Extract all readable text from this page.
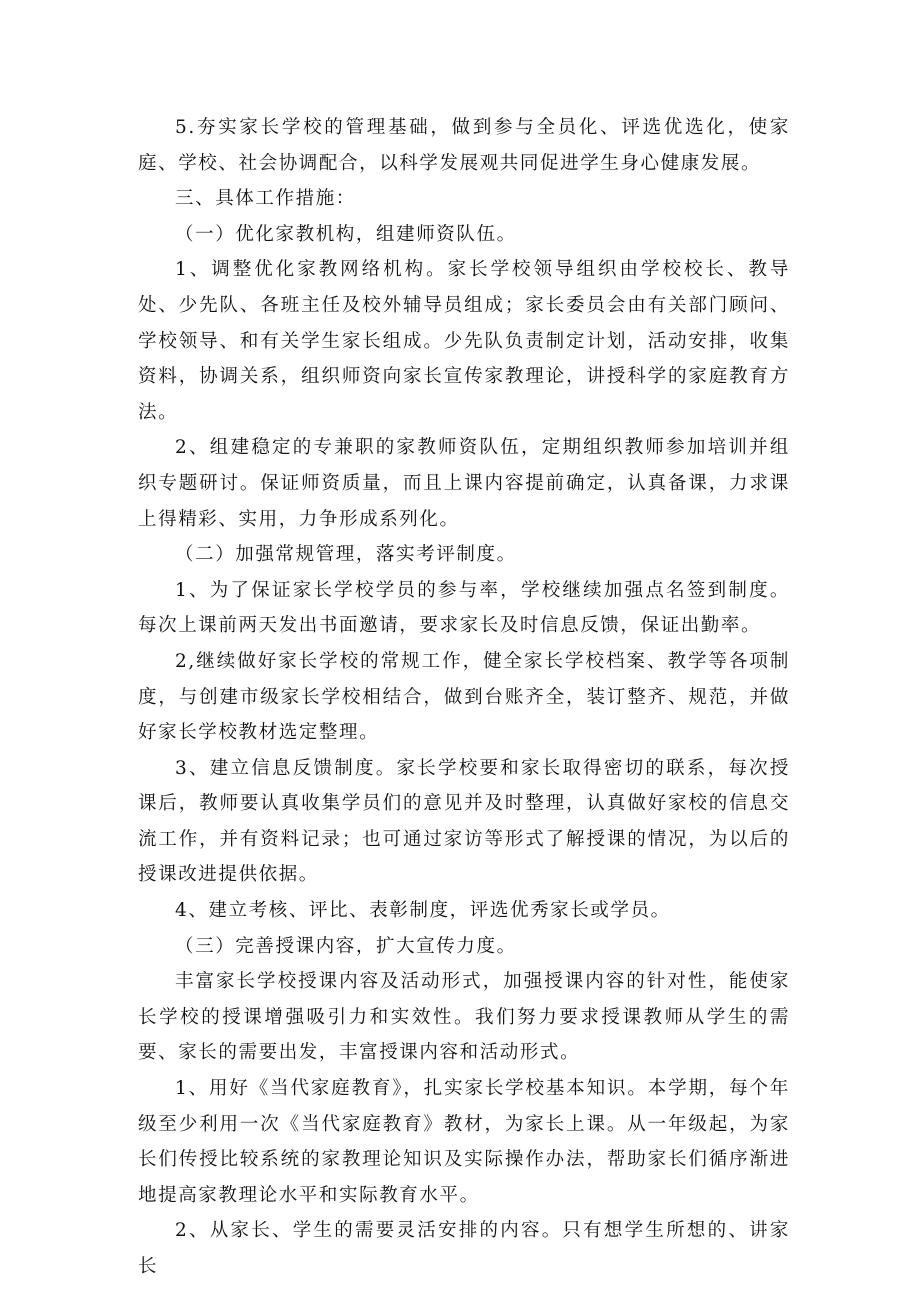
5.夯实家长学校的管理基础，做到参与全员化、评选优选化，使家庭、学校、社会协调配合，以科学发展观共同促进学生身心健康发展。

三、具体工作措施：

（一）优化家教机构，组建师资队伍。

1、调整优化家教网络机构。家长学校领导组织由学校校长、教导处、少先队、各班主任及校外辅导员组成；家长委员会由有关部门顾问、学校领导、和有关学生家长组成。少先队负责制定计划，活动安排，收集资料，协调关系，组织师资向家长宣传家教理论，讲授科学的家庭教育方法。

2、组建稳定的专兼职的家教师资队伍，定期组织教师参加培训并组织专题研讨。保证师资质量，而且上课内容提前确定，认真备课，力求课上得精彩、实用，力争形成系列化。

（二）加强常规管理，落实考评制度。

1、为了保证家长学校学员的参与率，学校继续加强点名签到制度。每次上课前两天发出书面邀请，要求家长及时信息反馈，保证出勤率。

2,继续做好家长学校的常规工作，健全家长学校档案、教学等各项制度，与创建市级家长学校相结合，做到台账齐全，装订整齐、规范，并做好家长学校教材选定整理。

3、建立信息反馈制度。家长学校要和家长取得密切的联系，每次授课后，教师要认真收集学员们的意见并及时整理，认真做好家校的信息交流工作，并有资料记录；也可通过家访等形式了解授课的情况，为以后的授课改进提供依据。

4、建立考核、评比、表彰制度，评选优秀家长或学员。

（三）完善授课内容，扩大宣传力度。

丰富家长学校授课内容及活动形式，加强授课内容的针对性，能使家长学校的授课增强吸引力和实效性。我们努力要求授课教师从学生的需要、家长的需要出发，丰富授课内容和活动形式。

1、用好《当代家庭教育》，扎实家长学校基本知识。本学期，每个年级至少利用一次《当代家庭教育》教材，为家长上课。从一年级起，为家长们传授比较系统的家教理论知识及实际操作办法，帮助家长们循序渐进地提高家教理论水平和实际教育水平。

2、从家长、学生的需要灵活安排的内容。只有想学生所想的、讲家长
